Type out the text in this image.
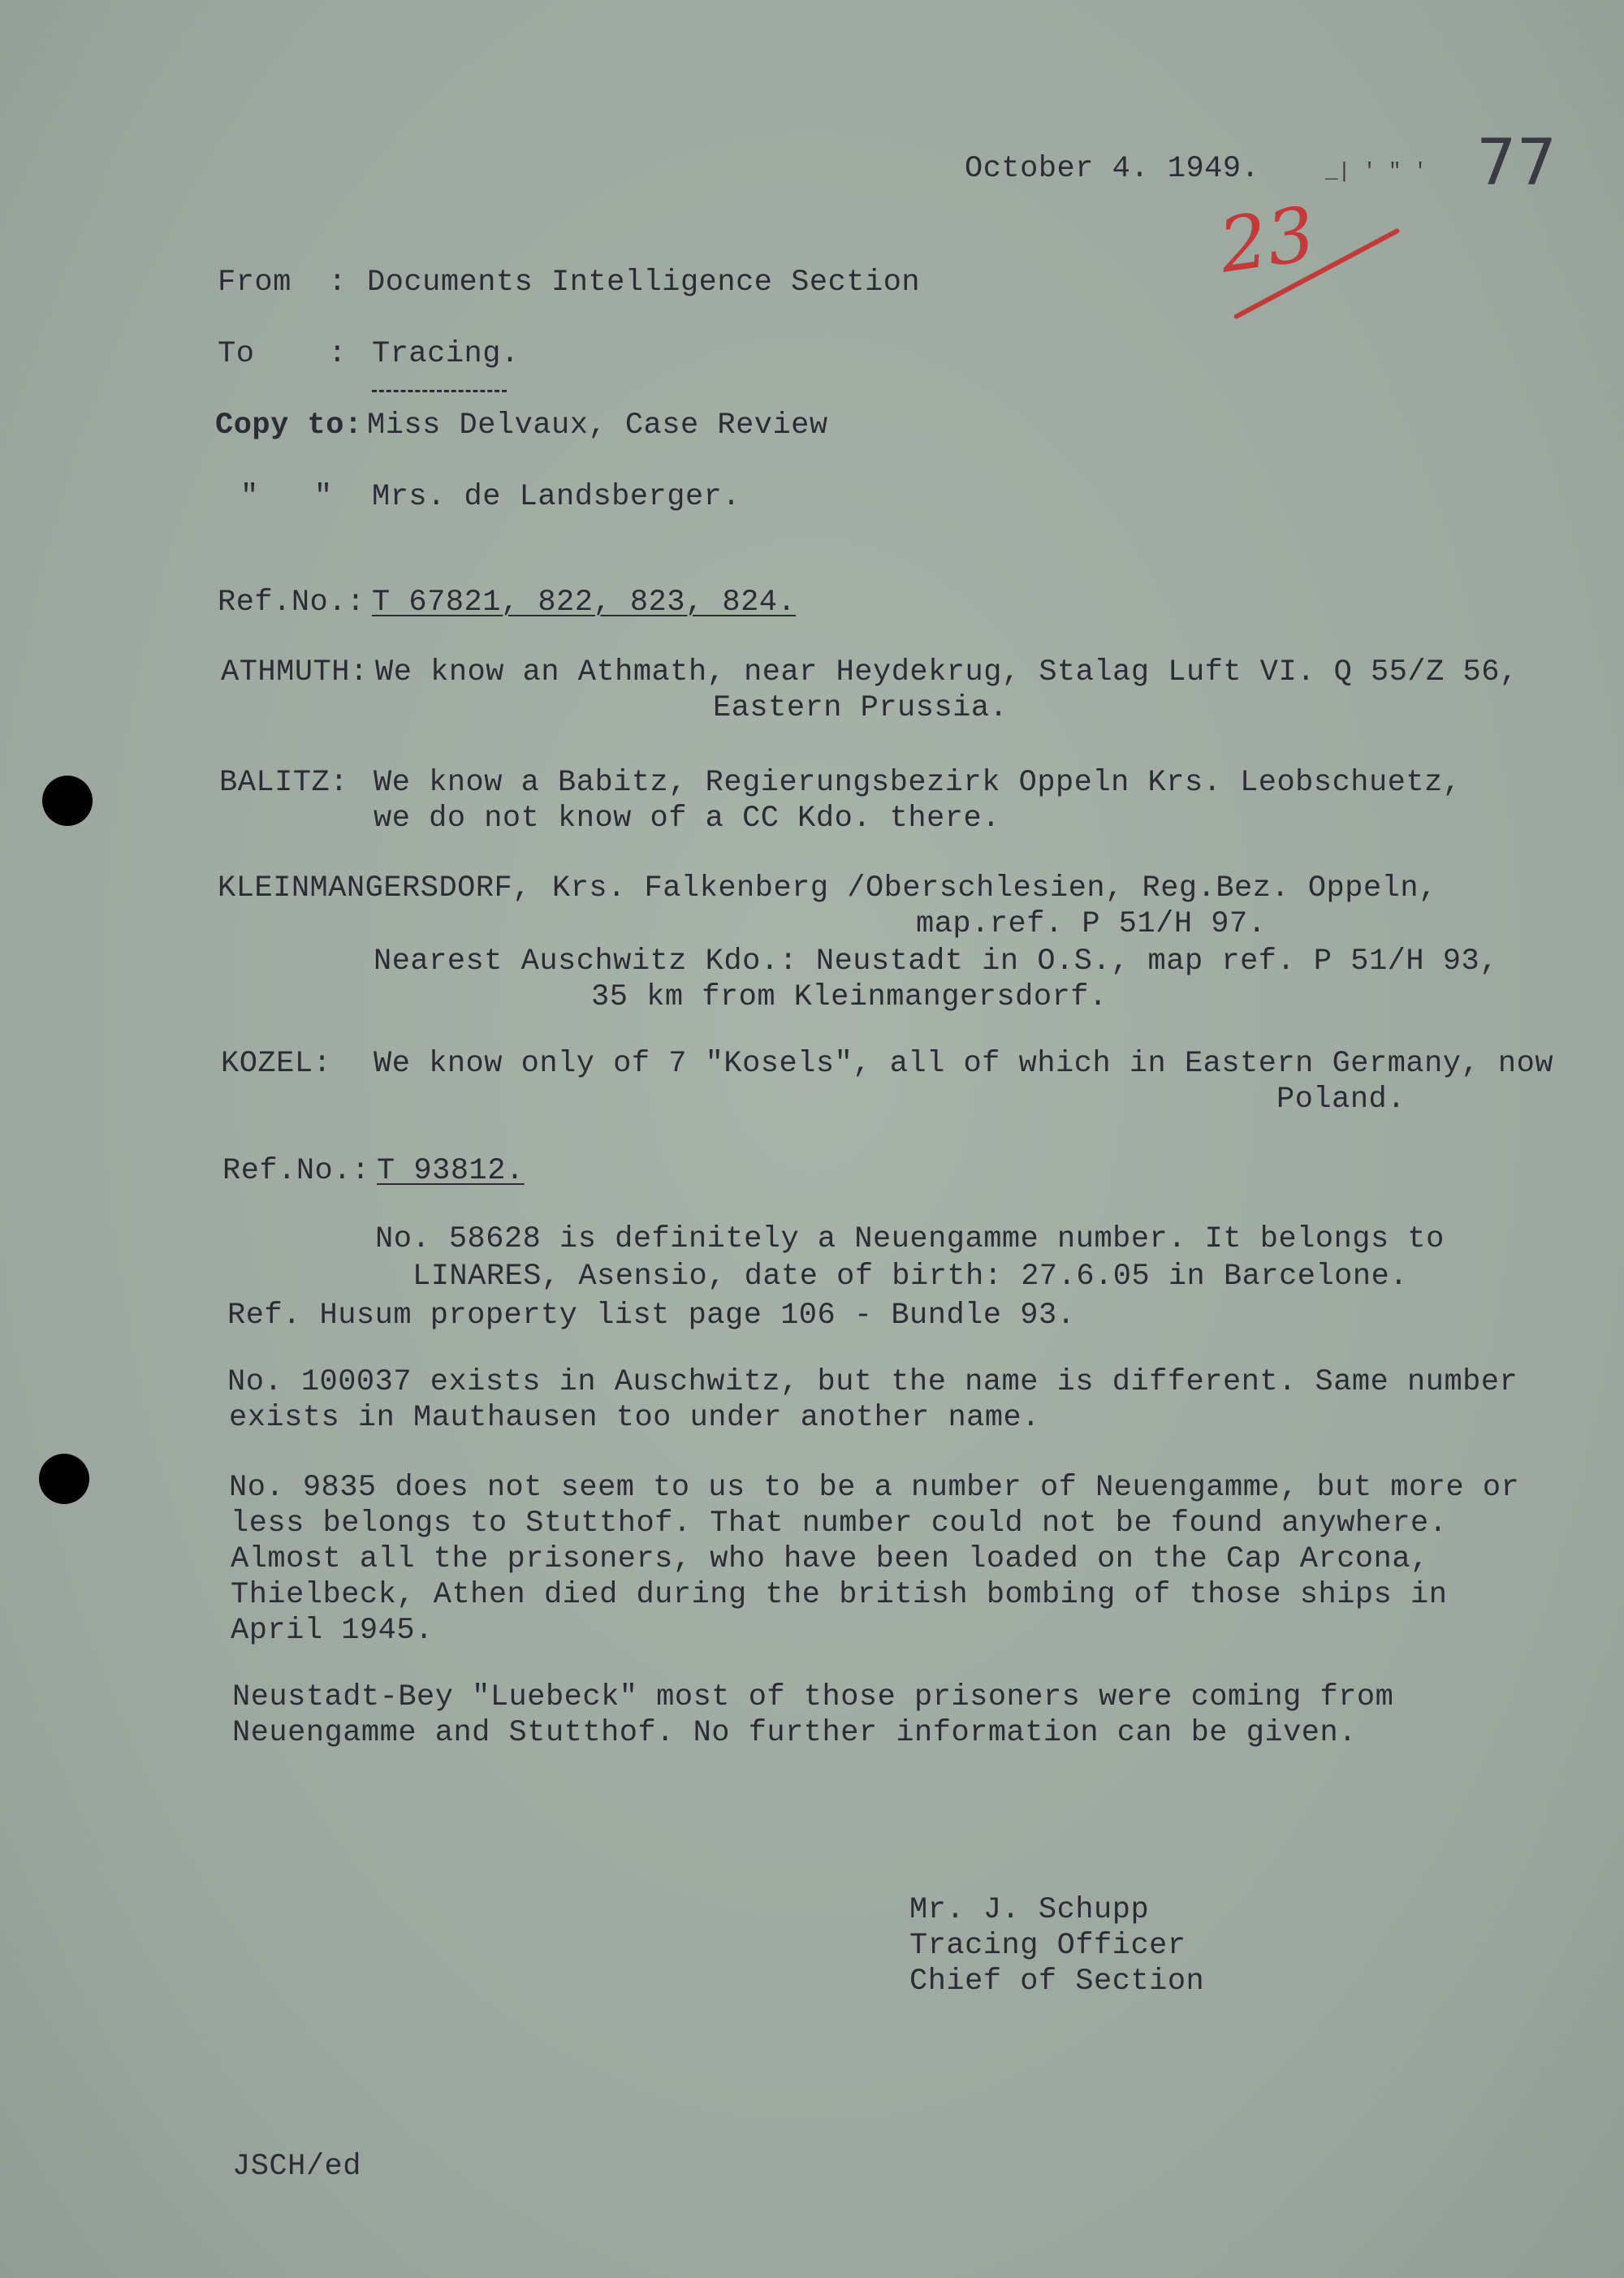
October 4. 1949.	_| ' " ' 77
23
From  : Documents Intelligence Section
To    : Tracing.
Copy to: Miss Delvaux, Case Review
"   " Mrs. de Landsberger.
Ref.No.: T 67821, 822, 823, 824.
ATHMUTH: We know an Athmath, near Heydekrug, Stalag Luft VI. Q 55/Z 56,
Eastern Prussia.
BALITZ: We know a Babitz, Regierungsbezirk Oppeln Krs. Leobschuetz,
we do not know of a CC Kdo. there.
KLEINMANGERSDORF, Krs. Falkenberg /Oberschlesien, Reg.Bez. Oppeln,
map.ref. P 51/H 97.
Nearest Auschwitz Kdo.: Neustadt in O.S., map ref. P 51/H 93,
35 km from Kleinmangersdorf.
KOZEL: We know only of 7 "Kosels", all of which in Eastern Germany, now
Poland.
Ref.No.: T 93812.
No. 58628 is definitely a Neuengamme number. It belongs to
LINARES, Asensio, date of birth: 27.6.05 in Barcelone.
Ref. Husum property list page 106 - Bundle 93.
No. 100037 exists in Auschwitz, but the name is different. Same number
exists in Mauthausen too under another name.
No. 9835 does not seem to us to be a number of Neuengamme, but more or
less belongs to Stutthof. That number could not be found anywhere.
Almost all the prisoners, who have been loaded on the Cap Arcona,
Thielbeck, Athen died during the british bombing of those ships in
April 1945.
Neustadt-Bey "Luebeck" most of those prisoners were coming from
Neuengamme and Stutthof. No further information can be given.
Mr. J. Schupp
Tracing Officer
Chief of Section
JSCH/ed
